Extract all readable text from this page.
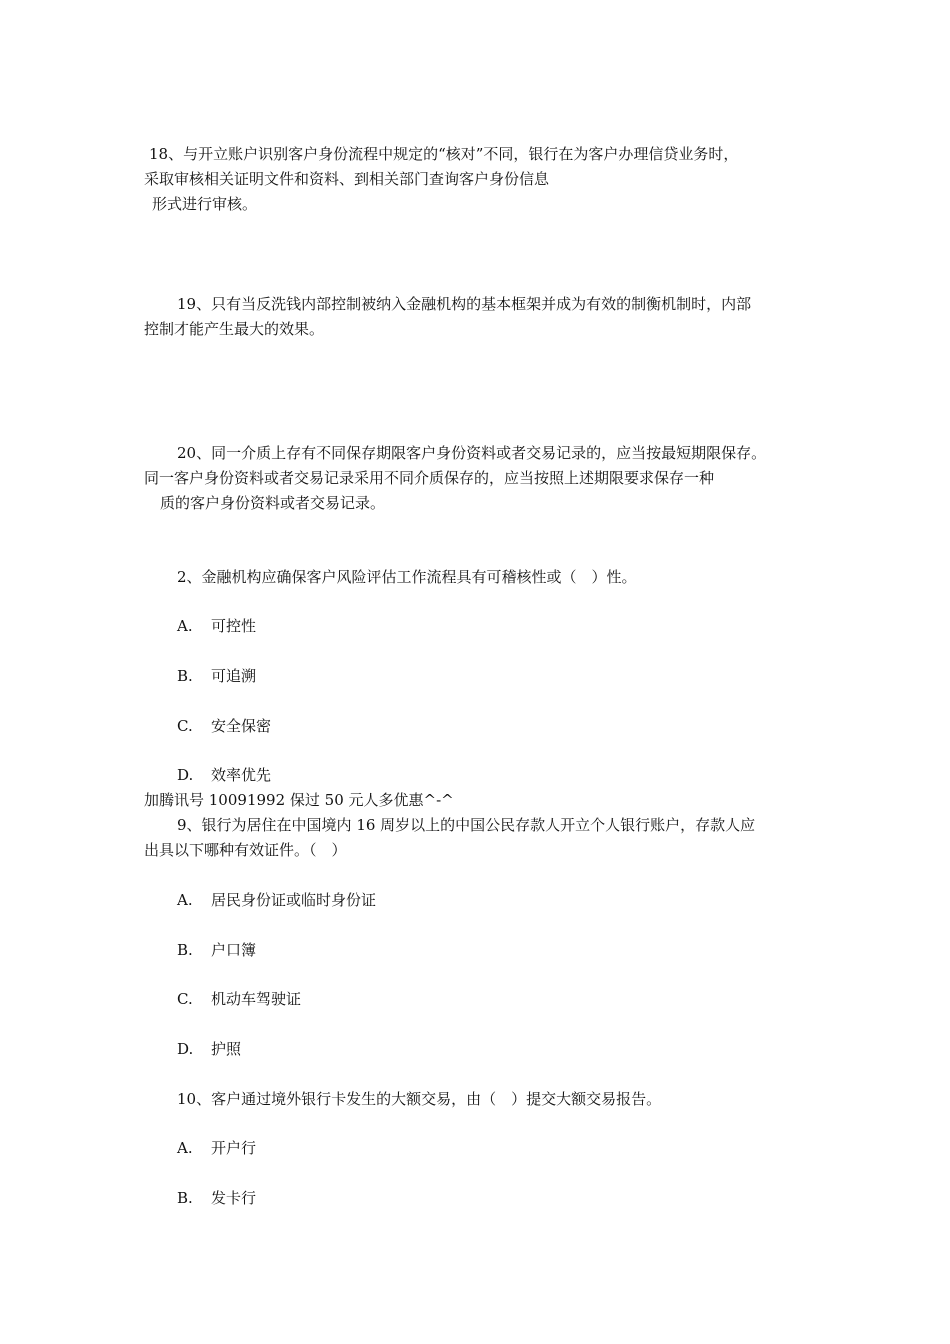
18、与开立账户识别客户身份流程中规定的“核对”不同，银行在为客户办理信贷业务时，

采取审核相关证明文件和资料、到相关部门查询客户身份信息

形式进行审核。

19、只有当反洗钱内部控制被纳入金融机构的基本框架并成为有效的制衡机制时，内部

控制才能产生最大的效果。

20、同一介质上存有不同保存期限客户身份资料或者交易记录的，应当按最短期限保存。

同一客户身份资料或者交易记录采用不同介质保存的，应当按照上述期限要求保存一种

质的客户身份资料或者交易记录。

2、金融机构应确保客户风险评估工作流程具有可稽核性或（　）性。

A. 可控性
B. 可追溯
C. 安全保密
D. 效率优先

加腾讯号 10091992 保过 50 元人多优惠^-^

9、银行为居住在中国境内 16 周岁以上的中国公民存款人开立个人银行账户，存款人应

出具以下哪种有效证件。（　）

A. 居民身份证或临时身份证
B. 户口簿
C. 机动车驾驶证
D. 护照

10、客户通过境外银行卡发生的大额交易，由（　）提交大额交易报告。

A. 开户行
B. 发卡行
